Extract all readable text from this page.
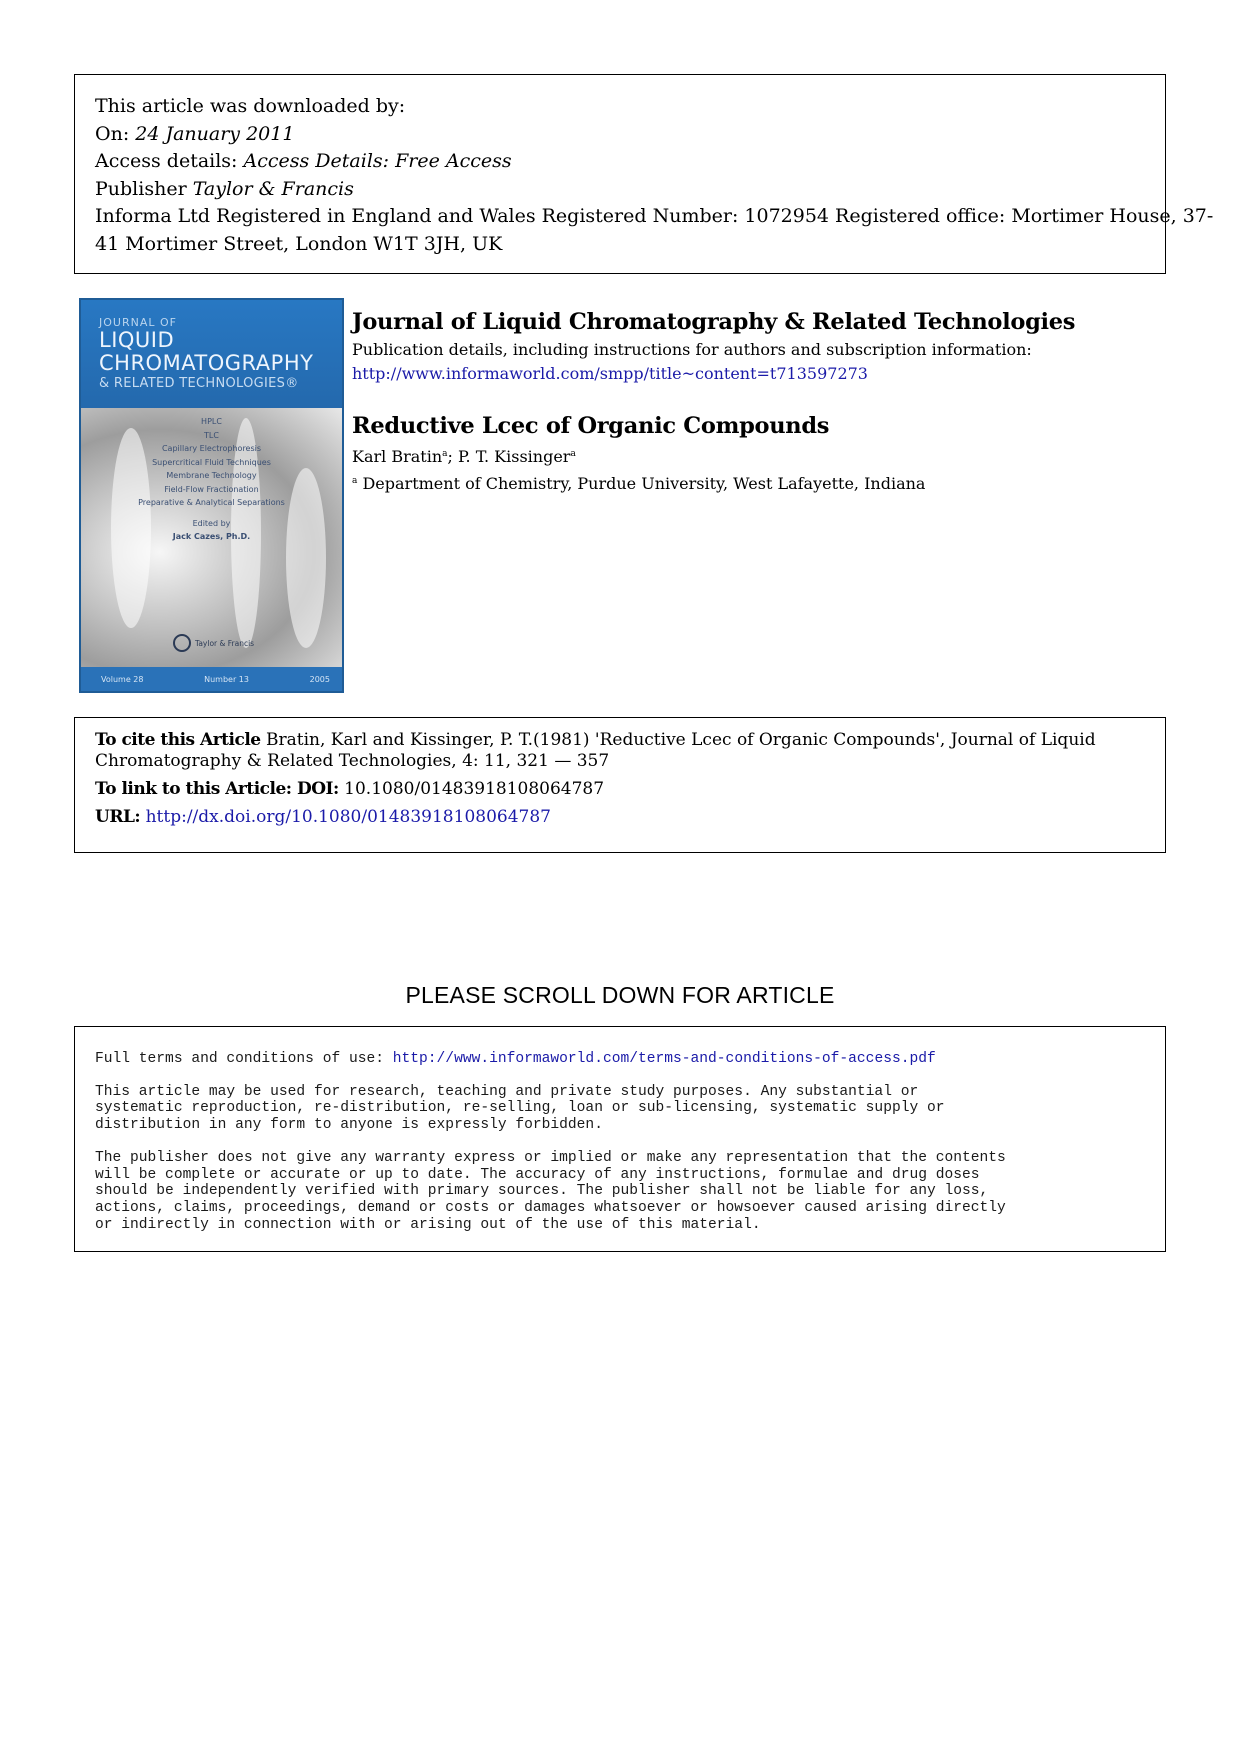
This article was downloaded by:
On: 24 January 2011
Access details: Access Details: Free Access
Publisher Taylor & Francis
Informa Ltd Registered in England and Wales Registered Number: 1072954 Registered office: Mortimer House, 37-
41 Mortimer Street, London W1T 3JH, UK
JOURNAL OF
LIQUID
CHROMATOGRAPHY
& RELATED TECHNOLOGIES®
HPLC
TLC
Capillary Electrophoresis
Supercritical Fluid Techniques
Membrane Technology
Field-Flow Fractionation
Preparative & Analytical Separations
Edited by
Jack Cazes, Ph.D.
Taylor & Francis
Volume 28	Number 13	2005
Journal of Liquid Chromatography & Related Technologies
Publication details, including instructions for authors and subscription information:
http://www.informaworld.com/smpp/title~content=t713597273
Reductive Lcec of Organic Compounds
Karl Bratin$^a$; P. T. Kissinger$^a$
$^a$ Department of Chemistry, Purdue University, West Lafayette, Indiana
To cite this Article Bratin, Karl and Kissinger, P. T.(1981) 'Reductive Lcec of Organic Compounds', Journal of Liquid
Chromatography & Related Technologies, 4: 11, 321 — 357
To link to this Article: DOI: 10.1080/01483918108064787
URL: http://dx.doi.org/10.1080/01483918108064787
PLEASE SCROLL DOWN FOR ARTICLE
Full terms and conditions of use: http://www.informaworld.com/terms-and-conditions-of-access.pdf
This article may be used for research, teaching and private study purposes. Any substantial or
systematic reproduction, re-distribution, re-selling, loan or sub-licensing, systematic supply or
distribution in any form to anyone is expressly forbidden.
The publisher does not give any warranty express or implied or make any representation that the contents
will be complete or accurate or up to date. The accuracy of any instructions, formulae and drug doses
should be independently verified with primary sources. The publisher shall not be liable for any loss,
actions, claims, proceedings, demand or costs or damages whatsoever or howsoever caused arising directly
or indirectly in connection with or arising out of the use of this material.
